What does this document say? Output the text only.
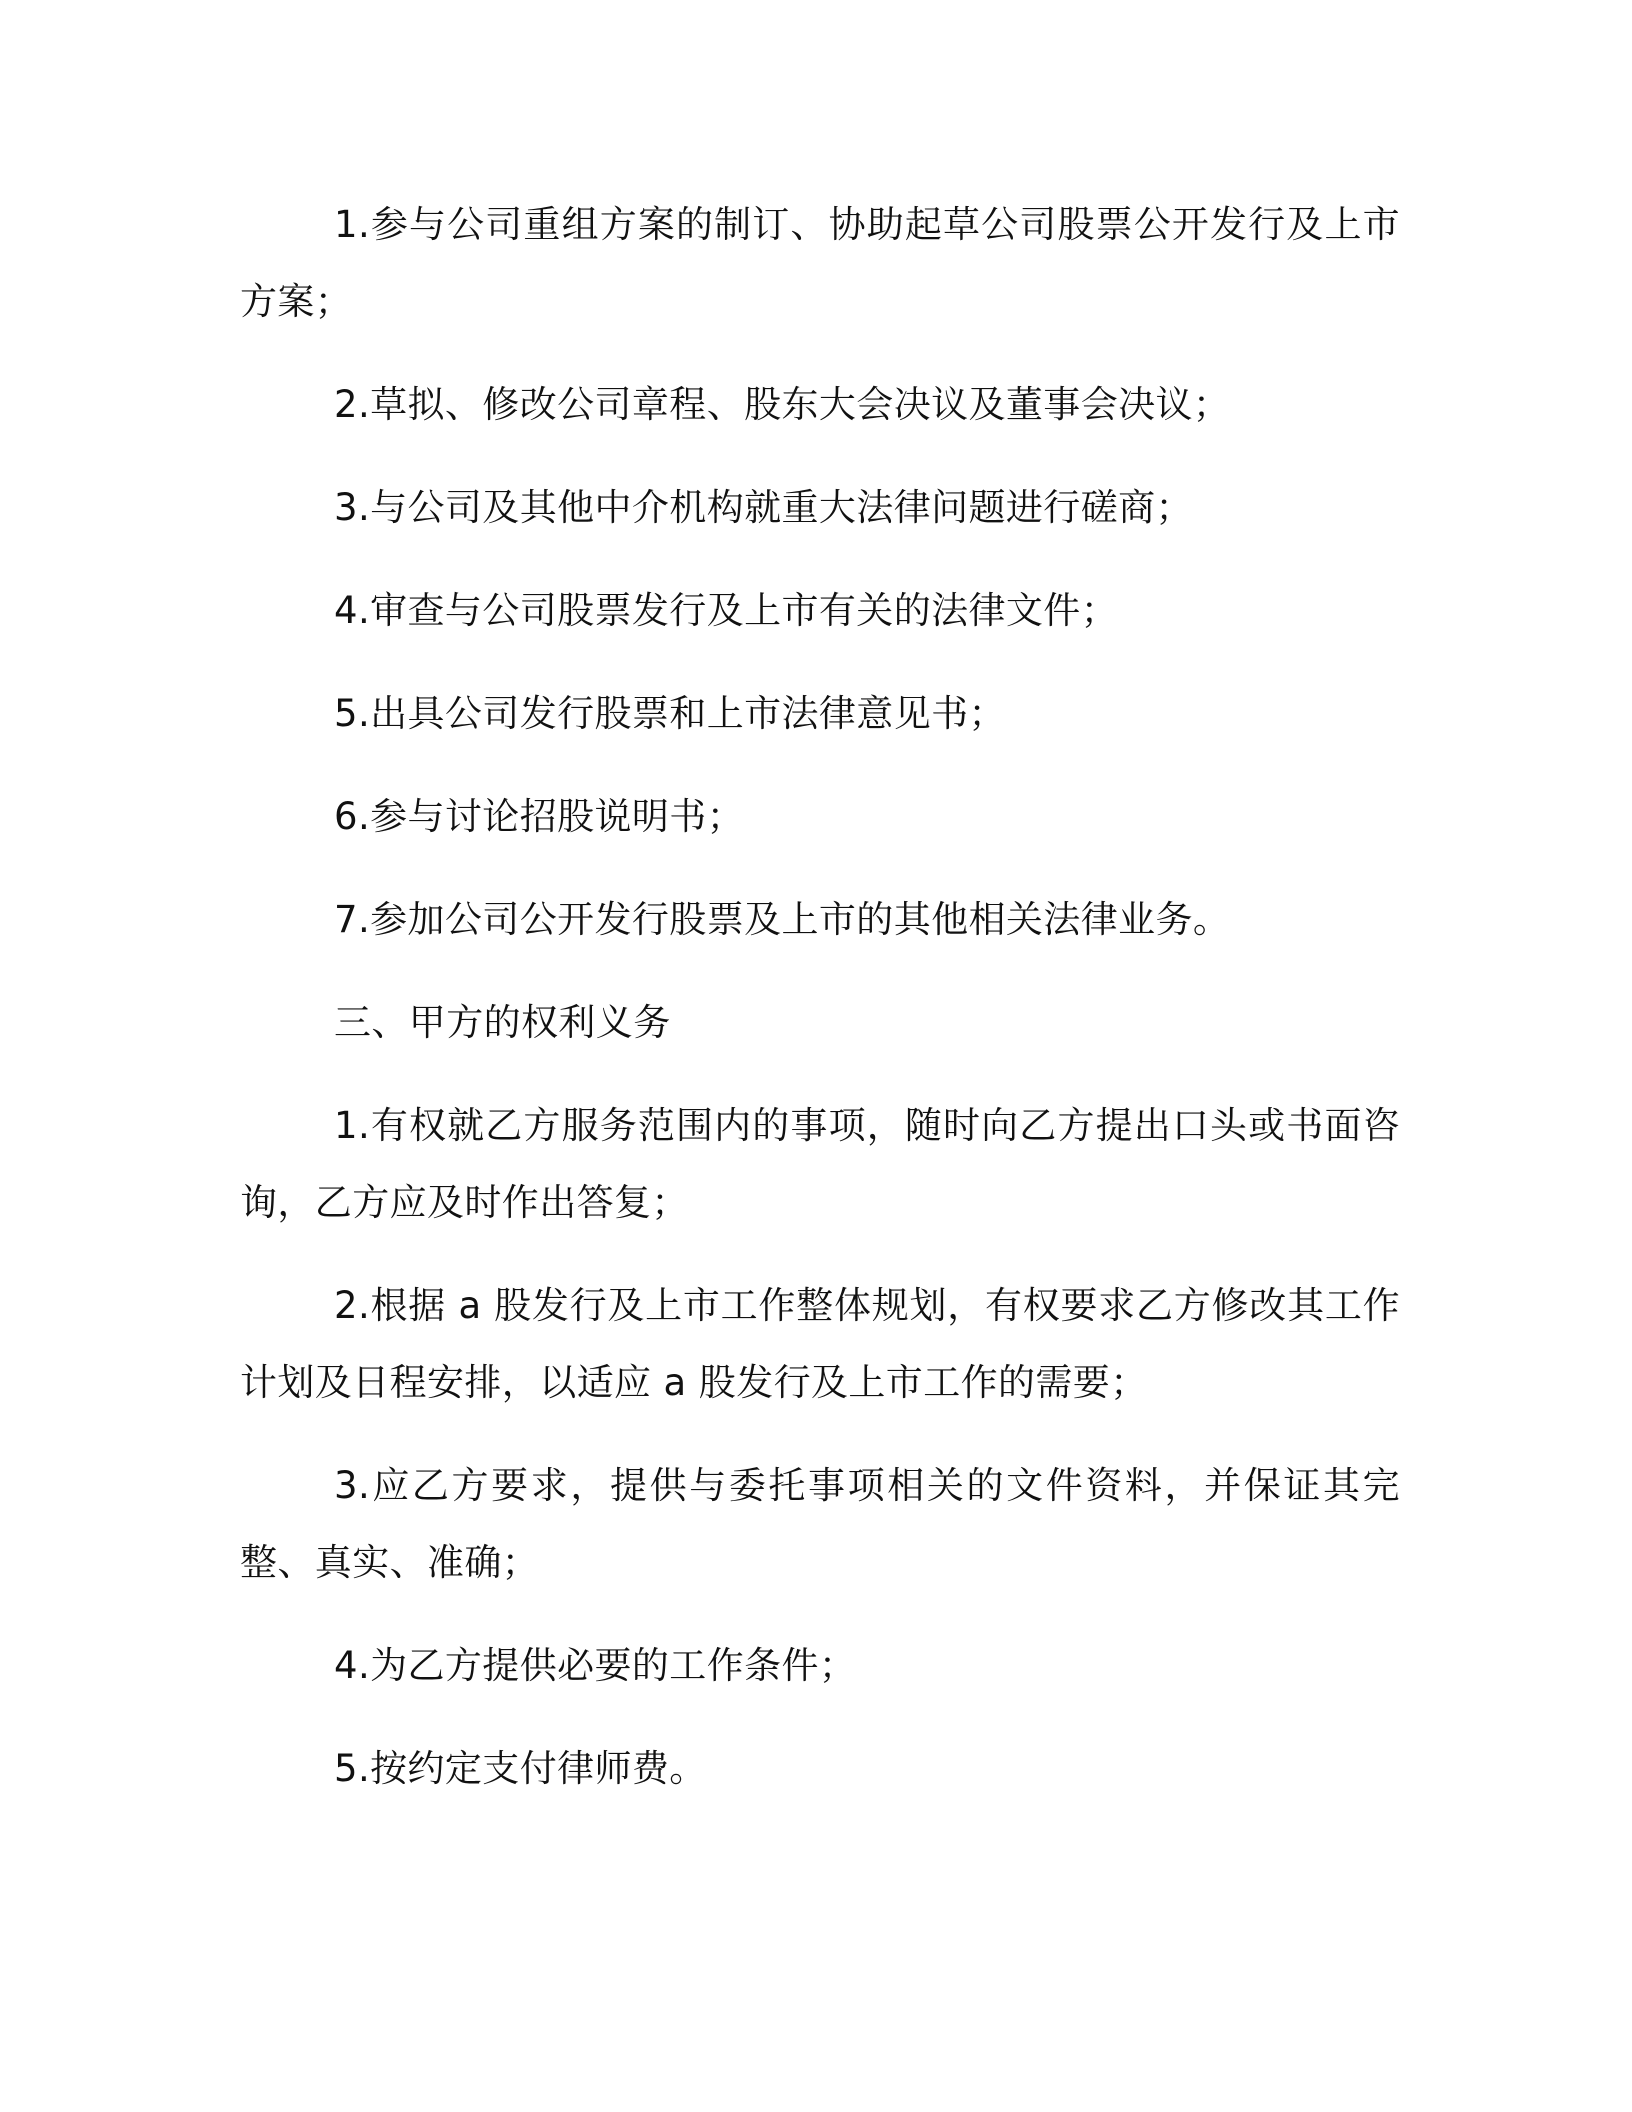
1.参与公司重组方案的制订、协助起草公司股票公开发行及上市方案；

2.草拟、修改公司章程、股东大会决议及董事会决议；

3.与公司及其他中介机构就重大法律问题进行磋商；

4.审查与公司股票发行及上市有关的法律文件；

5.出具公司发行股票和上市法律意见书；

6.参与讨论招股说明书；

7.参加公司公开发行股票及上市的其他相关法律业务。

三、甲方的权利义务

1.有权就乙方服务范围内的事项，随时向乙方提出口头或书面咨询，乙方应及时作出答复；

2.根据 a 股发行及上市工作整体规划，有权要求乙方修改其工作计划及日程安排，以适应 a 股发行及上市工作的需要；

3.应乙方要求，提供与委托事项相关的文件资料，并保证其完整、真实、准确；

4.为乙方提供必要的工作条件；

5.按约定支付律师费。
